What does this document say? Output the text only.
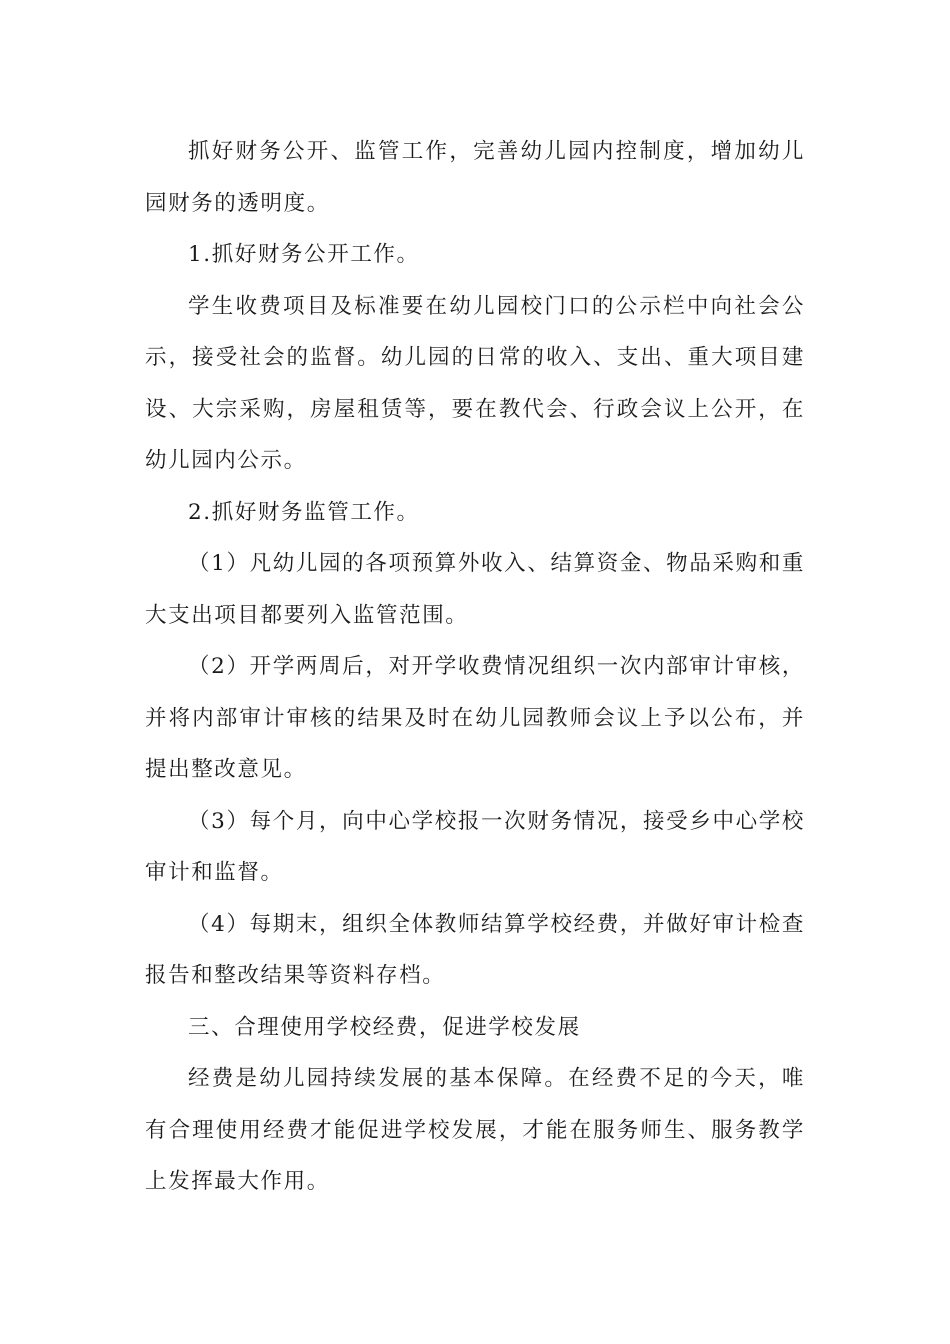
抓好财务公开、监管工作，完善幼儿园内控制度，增加幼儿园财务的透明度。

1.抓好财务公开工作。

学生收费项目及标准要在幼儿园校门口的公示栏中向社会公示，接受社会的监督。幼儿园的日常的收入、支出、重大项目建设、大宗采购，房屋租赁等，要在教代会、行政会议上公开，在幼儿园内公示。

2.抓好财务监管工作。

（1）凡幼儿园的各项预算外收入、结算资金、物品采购和重大支出项目都要列入监管范围。

（2）开学两周后，对开学收费情况组织一次内部审计审核，并将内部审计审核的结果及时在幼儿园教师会议上予以公布，并提出整改意见。

（3）每个月，向中心学校报一次财务情况，接受乡中心学校审计和监督。

（4）每期末，组织全体教师结算学校经费，并做好审计检查报告和整改结果等资料存档。

三、合理使用学校经费，促进学校发展

经费是幼儿园持续发展的基本保障。在经费不足的今天，唯有合理使用经费才能促进学校发展，才能在服务师生、服务教学上发挥最大作用。
